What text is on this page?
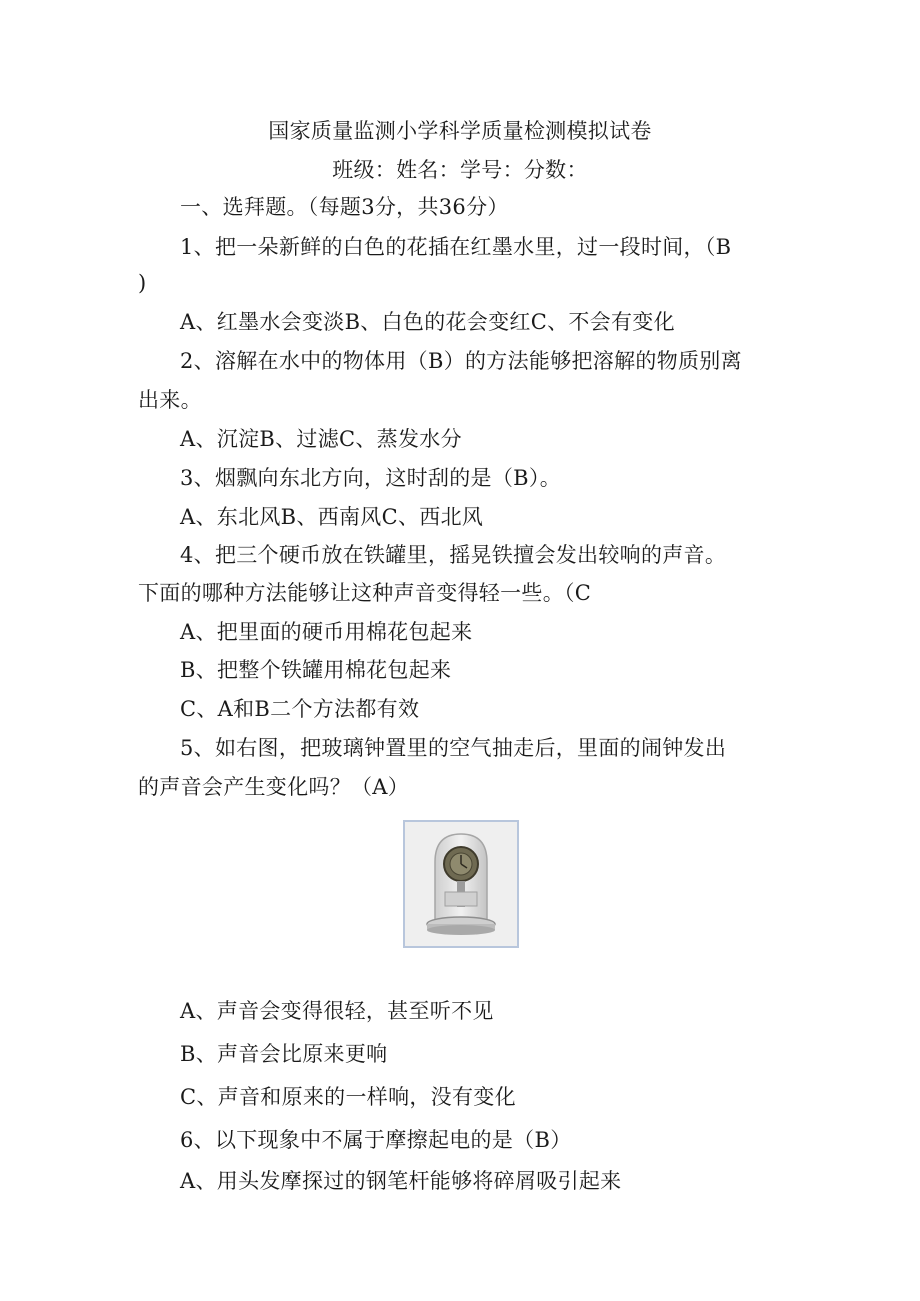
国家质量监测小学科学质量检测模拟试卷
班级：姓名：学号：分数：
一、选拜题。（每题3分，共36分）
1、把一朵新鲜的白色的花插在红墨水里，过一段时间，（B
)
A、红墨水会变淡B、白色的花会变红C、不会有变化
2、溶解在水中的物体用（B）的方法能够把溶解的物质别离
出来。
A、沉淀B、过滤C、蒸发水分
3、烟飘向东北方向，这时刮的是（B）。
A、东北风B、西南风C、西北风
4、把三个硬币放在铁罐里，摇晃铁擅会发出较响的声音。
下面的哪种方法能够让这种声音变得轻一些。（C
A、把里面的硬币用棉花包起来
B、把整个铁罐用棉花包起来
C、A和B二个方法都有效
5、如右图，把玻璃钟置里的空气抽走后，里面的闹钟发出
的声音会产生变化吗？（A）
A、声音会变得很轻，甚至听不见
B、声音会比原来更响
C、声音和原来的一样响，没有变化
6、以下现象中不属于摩擦起电的是（B）
A、用头发摩探过的钢笔杆能够将碎屑吸引起来
